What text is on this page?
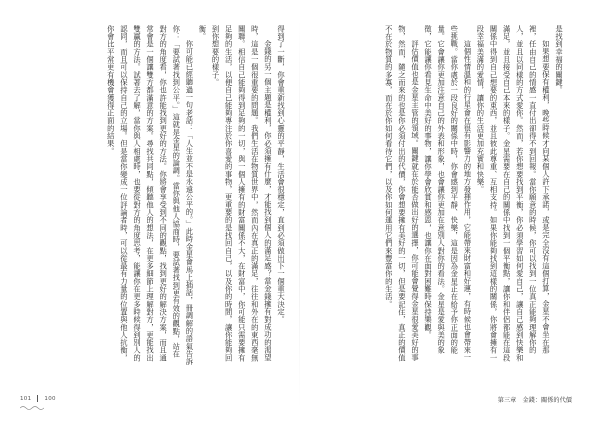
得到了一斷，你會重新找到心靈的平靜，生活會很穩定，直到必須做出下一個重大決定。

金錢的另一個主題是權利，你必須擁有什麼，才能找到個人的滿足感？當金錢擁有對成功的渴望時，這是一個很重要的問題。我們生活在物質世界中，然而內在真正的滿足，往往和外在的東西毫無關聯。相信自己能夠得到足夠的一切，與一個人擁有的財富關係不大，在財富中，你可能只需要擁有足夠的生活，以便自己能夠專注於你喜愛的事物，更重要的是找回自己，以及你的時間，讓你能夠回到你想要的樣子。

衡。

你可能已經聽過一句老話：「人生並不是永遠公平的。」此時金星會馬上插話，冊調解的語氣告訴你：「要試著找到公平。」這就是金星的論調。當你與他人協商時，要試著找到更有效的觀點，站在對方的角度看，你也許能找到更好的方法。你將會享受到不同的觀點，找到更好的解決方案，而且通常會是一個讓雙方都滿意的方案。尋找共同點，傾聽他人的想法，在更多細節上理解對方，更能找出雙贏的方法。試著去了解，當你與人相處時，也要從對方的角度思考，能讓你在更多時候得到別人的認同，而且可以保持自己的立場。但是當你變成一位評論者時，可以從最有力量的位置與他人抗衡，你會比平常更有機會獲得正面的結果。

101 100

是找到幸福的關鍵。

如果想要保有權利，晚些時候才向某個人許下承諾，或是完全沒有這個打算，金星不會坐在那裡，任由自己的情感一直付出卻得不到回報。當你願意的時候，你可以找到一位真正能夠理解你的人，並且以同樣的方式愛你。然而，若你想要找到平衡，你必須學習如何愛自己，讓自己感到快樂和滿足，並且接受自己本來的樣子。金星需要在自己的關係中找到一個平衡點，讓你和伴侶都能在這段關係中得到自己想要的東西，並且彼此尊重、互相支持。如果你能夠找到這樣的關係，你將會擁有一段幸福美滿的愛情，讓你的生活更加充實和快樂。

這個性情溫和的行星會在很有影響力的地方發揮作用，它能帶來財富和好運，有時候也會帶來一些挑戰。當你處於一段良好的關係中時，你會感到平靜、快樂，這是因為金星正在給予你正面的能量。它會讓你更加注意自己的外表和形象，也會讓你更加在意別人對你的看法。金星是愛與美的象徵，它能讓你看見生命中美好的事物，讓你學會欣賞和感恩，也讓你在面對困難時保持樂觀。

評估價值也是金星主管的領域。關鍵就在於能否做出好的選擇，你可能會覺得金星很愛美好的事物，然而，隨之而來的也是你必須付出的代價，你會想要擁有美好的一切，但是要記住，真正的價值不在於物質的多寡，而在於你如何看待它們，以及你如何運用它們來豐富你的生活。

第三章　金錢：關係的代價
